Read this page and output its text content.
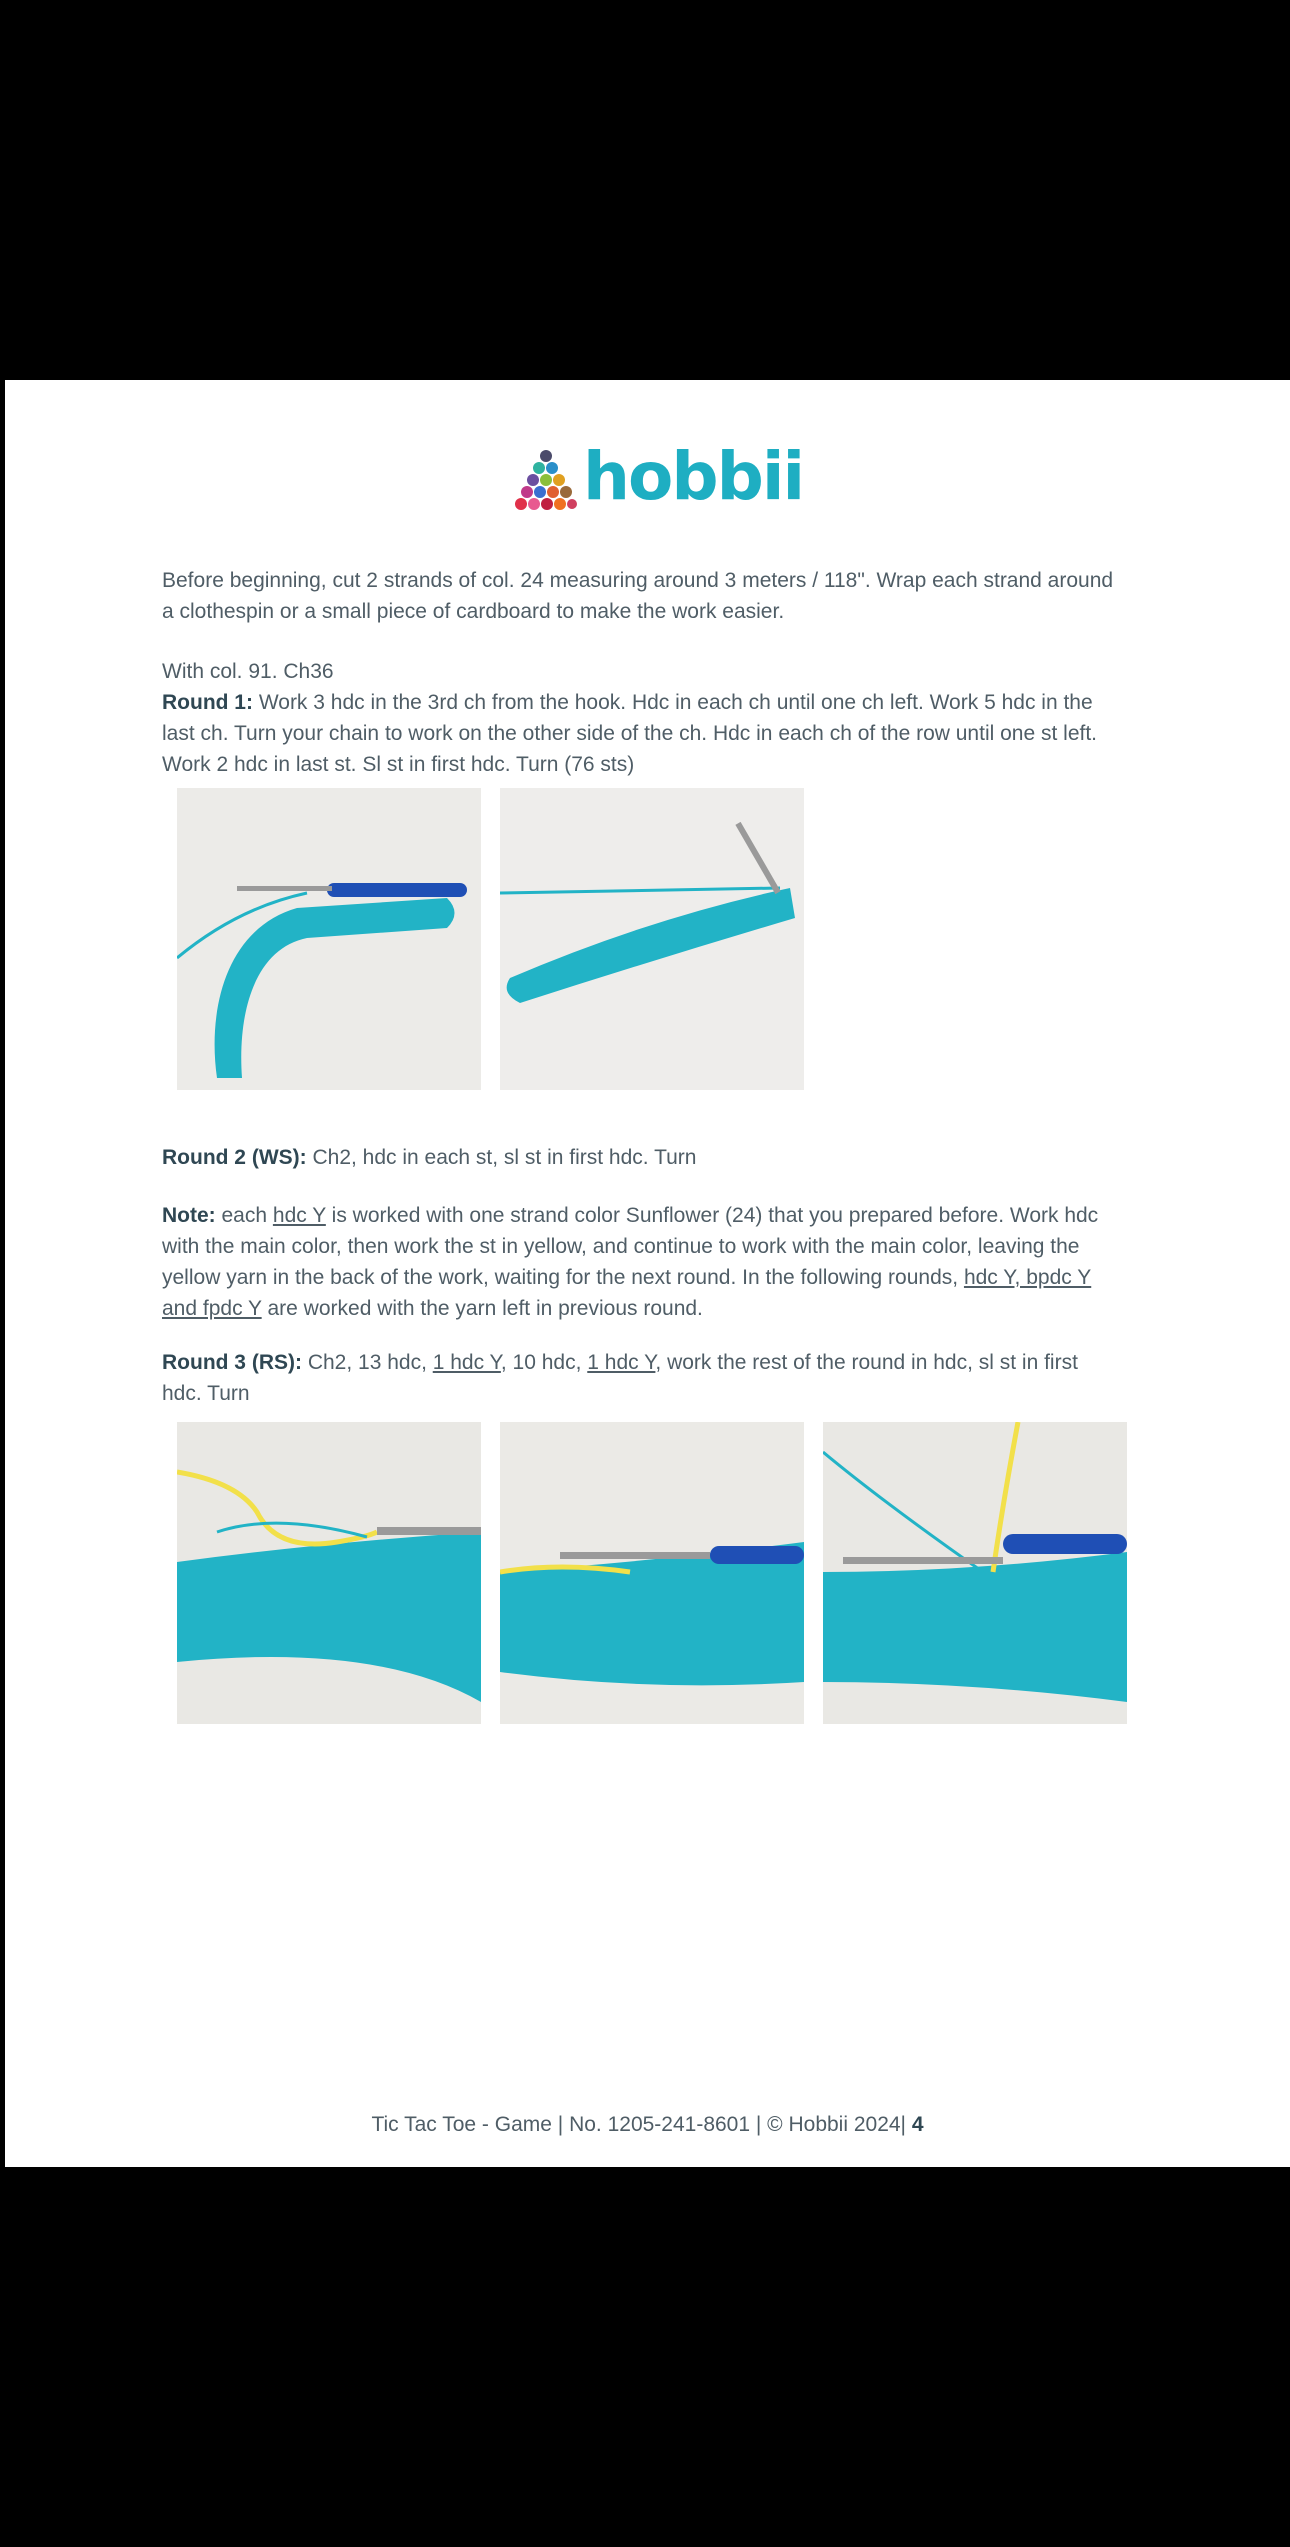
hobbii
Before beginning, cut 2 strands of col. 24 measuring around 3 meters / 118". Wrap each strand around a clothespin or a small piece of cardboard to make the work easier.
With col. 91. Ch36
Round 1: Work 3 hdc in the 3rd ch from the hook. Hdc in each ch until one ch left. Work 5 hdc in the last ch. Turn your chain to work on the other side of the ch. Hdc in each ch of the row until one st left. Work 2 hdc in last st. Sl st in first hdc. Turn (76 sts)
Round 2 (WS): Ch2, hdc in each st, sl st in first hdc. Turn
Note: each hdc Y is worked with one strand color Sunflower (24) that you prepared before. Work hdc with the main color, then work the st in yellow, and continue to work with the main color, leaving the yellow yarn in the back of the work, waiting for the next round. In the following rounds, hdc Y, bpdc Y and fpdc Y are worked with the yarn left in previous round.
Round 3 (RS): Ch2, 13 hdc, 1 hdc Y, 10 hdc, 1 hdc Y, work the rest of the round in hdc, sl st in first hdc. Turn
Tic Tac Toe - Game | No. 1205-241-8601 | © Hobbii 2024| 4
